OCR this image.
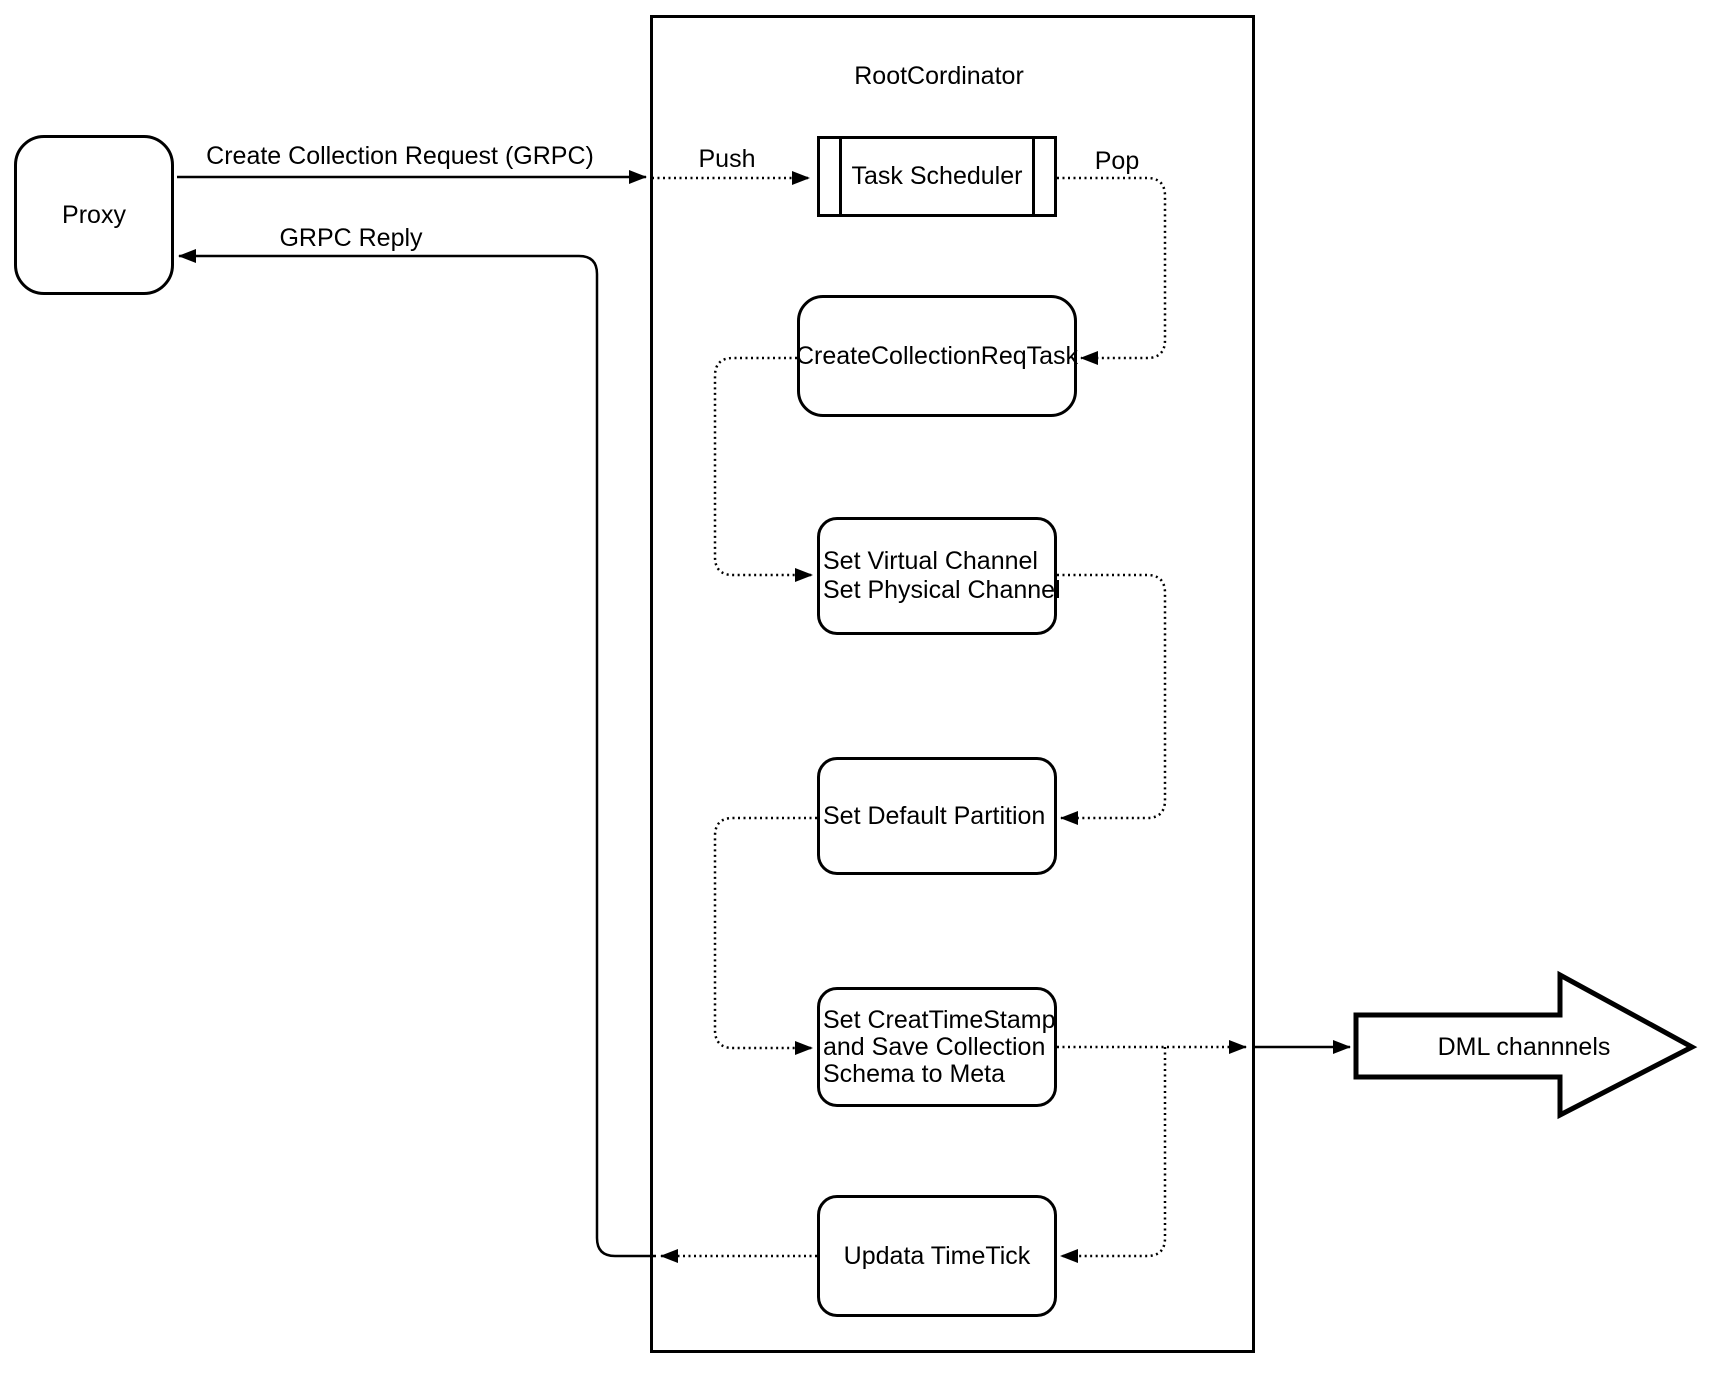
RootCordinator
Proxy
Task Scheduler
CreateCollectionReqTask
Set Virtual Channel
Set Physical Channel
Set Default Partition
Set CreatTimeStamp
and Save Collection
Schema to Meta
Updata TimeTick
DML channnels
Create Collection Request (GRPC)
GRPC Reply
Push	Pop
